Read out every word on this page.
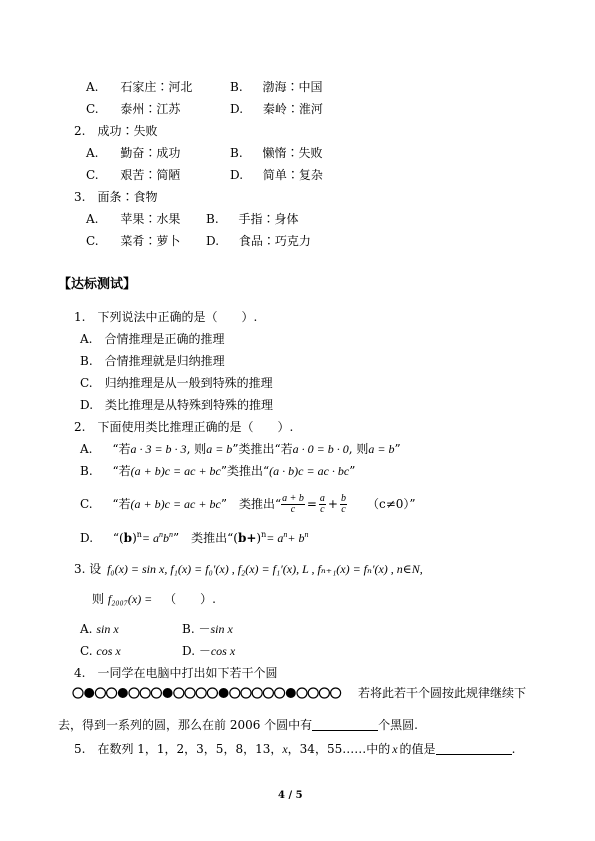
A. 石家庄∶河北	B. 渤海∶中国
C. 泰州∶江苏	D. 秦岭∶淮河
2.　成功∶失败
A. 勤奋∶成功	B. 懒惰∶失败
C. 艰苦∶简陋	D. 简单∶复杂
3.　面条∶食物
A. 苹果∶水果 B. 手指∶身体
C. 菜肴∶萝卜 D. 食品∶巧克力
【达标测试】
1.　下列说法中正确的是（　　）.
A.　合情推理是正确的推理
B.　合情推理就是归纳推理
C.　归纳推理是从一般到特殊的推理
D.　类比推理是从特殊到特殊的推理
2.　下面使用类比推理正确的是（　　）.
A. “若a · 3 = b · 3, 则a = b”类推出“若a · 0 = b · 0, 则a = b”
B. “若(a + b)c = ac + bc”类推出“(a · b)c = ac · bc”
C. “若(a + b)c = ac + bc”　类推出“ $\frac{a + b}{c} = \frac{a}{c} + \frac{b}{c} (c\ne 0)$”
D. “$(b)^n= a^nb^n$”　类推出“$(b+)^n= a^n+ b^n$
3. 设 f₀(x) = sin x, f₁(x) = f₀′(x) , f₂(x) = f₁′(x), L , fₙ₊₁(x) = fₙ′(x) , n∈N,
则 f₂₀₀₇(x) = （　　）.
A. sin x	B. －sin x
C. cos x	D. －cos x
4.　一同学在电脑中打出如下若干个圆
若将此若干个圆按此规律继续下
去，得到一系列的圆，那么在前 2006 个圆中有	个黑圆.
5.　在数列 1，1，2，3，5，8，13，x，34，55……中的 x 的值是	.
4 / 5
